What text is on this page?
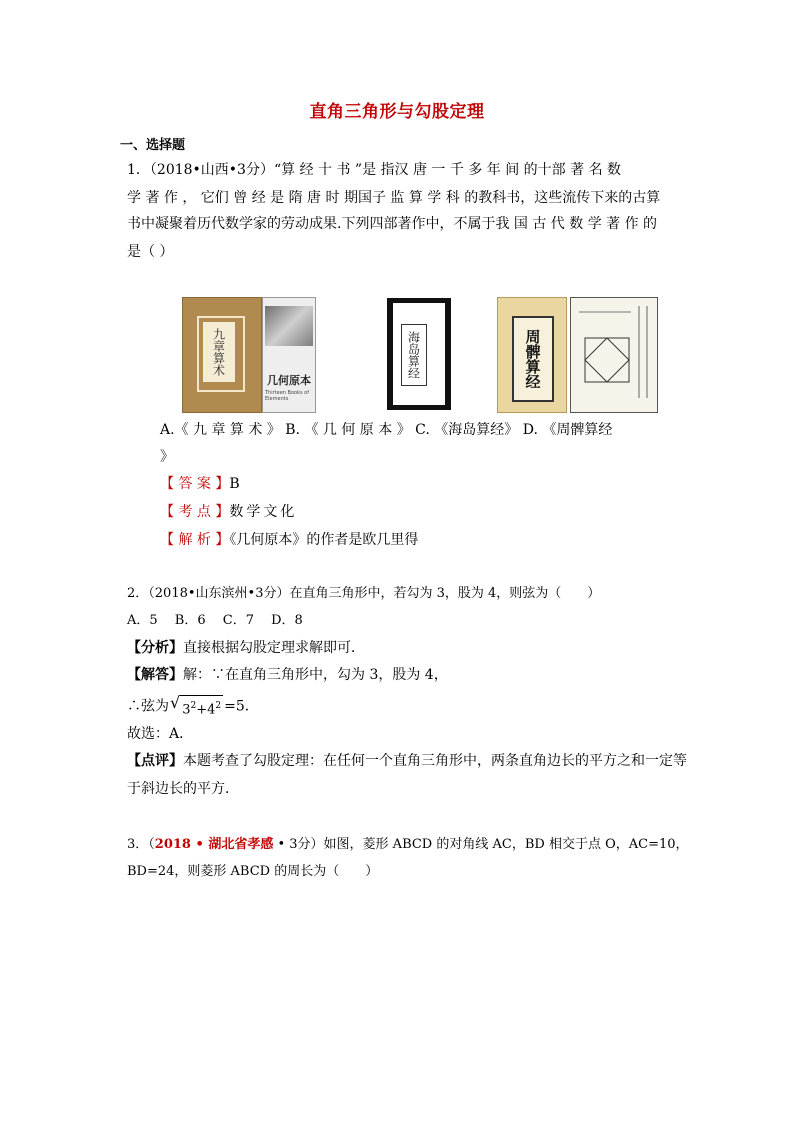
直角三角形与勾股定理
一、选择题
1．（2018•山西•3分）“算 经 十 书 ”是 指汉 唐 一 千 多 年 间 的十部 著 名 数
学 著 作 ， 它们 曾 经 是 隋 唐 时 期国子 监 算 学 科 的教科书，这些流传下来的古算
书中凝聚着历代数学家的劳动成果.下列四部著作中，不属于我 国 古 代 数 学 著 作 的
是（ ）
九章算术
几何原本
Thirteen Books of Elements
海岛算经	周髀算经
A.《 九 章 算 术 》 B. 《 几 何 原 本 》 C. 《海岛算经》 D. 《周髀算经
》
【 答 案 】B
【 考 点 】数学文化
【 解 析 】《几何原本》的作者是欧几里得
2．（2018•山东滨州•3分）在直角三角形中，若勾为 3，股为 4，则弦为（　　）
A．5　 B．6　 C．7　 D．8
【分析】直接根据勾股定理求解即可．
【解答】解：∵在直角三角形中，勾为 3，股为 4，
∴弦为 √ $3^2+4^2 =5$．
故选：A．
【点评】本题考查了勾股定理：在任何一个直角三角形中，两条直角边长的平方之和一定等
于斜边长的平方．
3．（2018 • 湖北省孝感 • 3分）如图，菱形 ABCD 的对角线 AC，BD 相交于点 O，AC=10，
BD=24，则菱形 ABCD 的周长为（　　）
